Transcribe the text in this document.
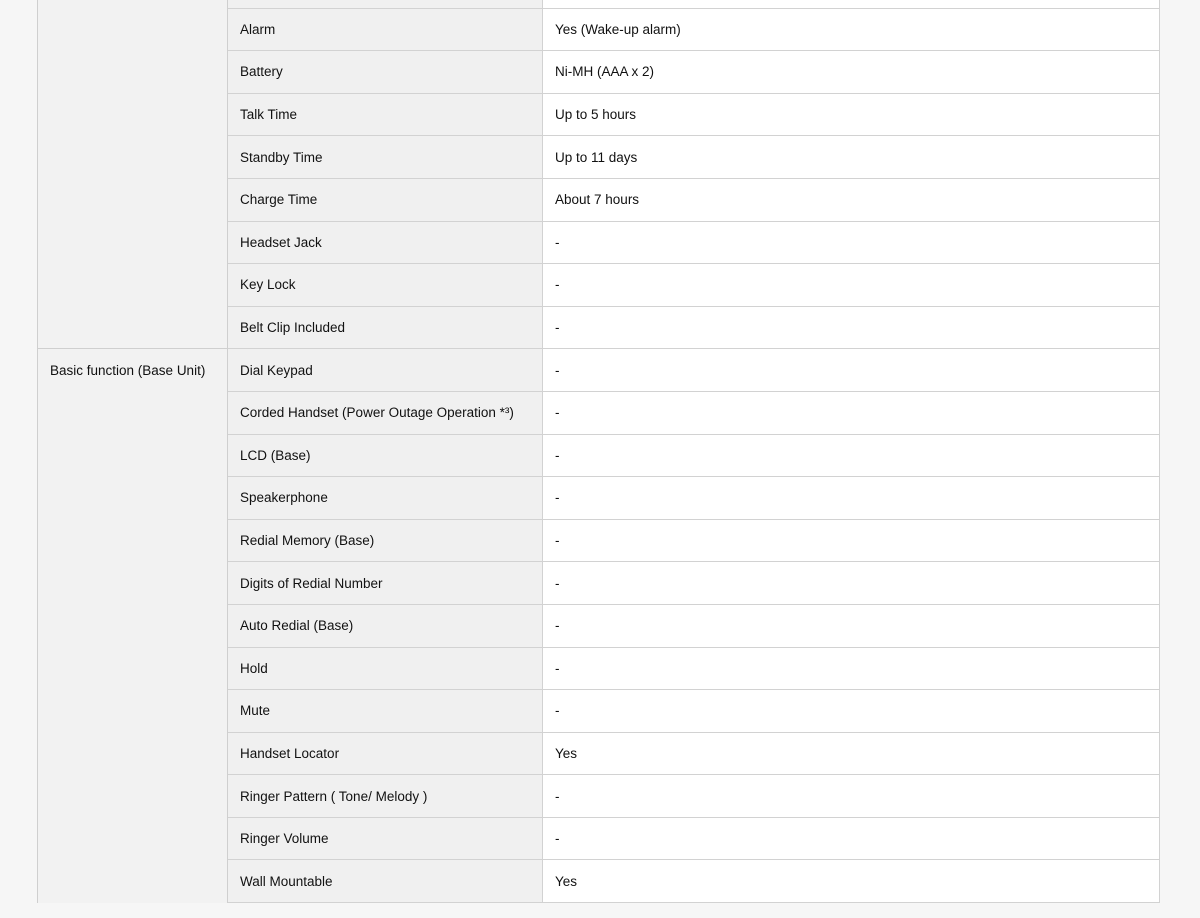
	Alarm	Yes (Wake-up alarm)
	Battery	Ni-MH (AAA x 2)
	Talk Time	Up to 5 hours
	Standby Time	Up to 11 days
	Charge Time	About 7 hours
	Headset Jack	-
	Key Lock	-
	Belt Clip Included	-
Basic function (Base Unit)	Dial Keypad	-
	Corded Handset (Power Outage Operation *³)	-
	LCD (Base)	-
	Speakerphone	-
	Redial Memory (Base)	-
	Digits of Redial Number	-
	Auto Redial (Base)	-
	Hold	-
	Mute	-
	Handset Locator	Yes
	Ringer Pattern ( Tone/ Melody )	-
	Ringer Volume	-
	Wall Mountable	Yes
